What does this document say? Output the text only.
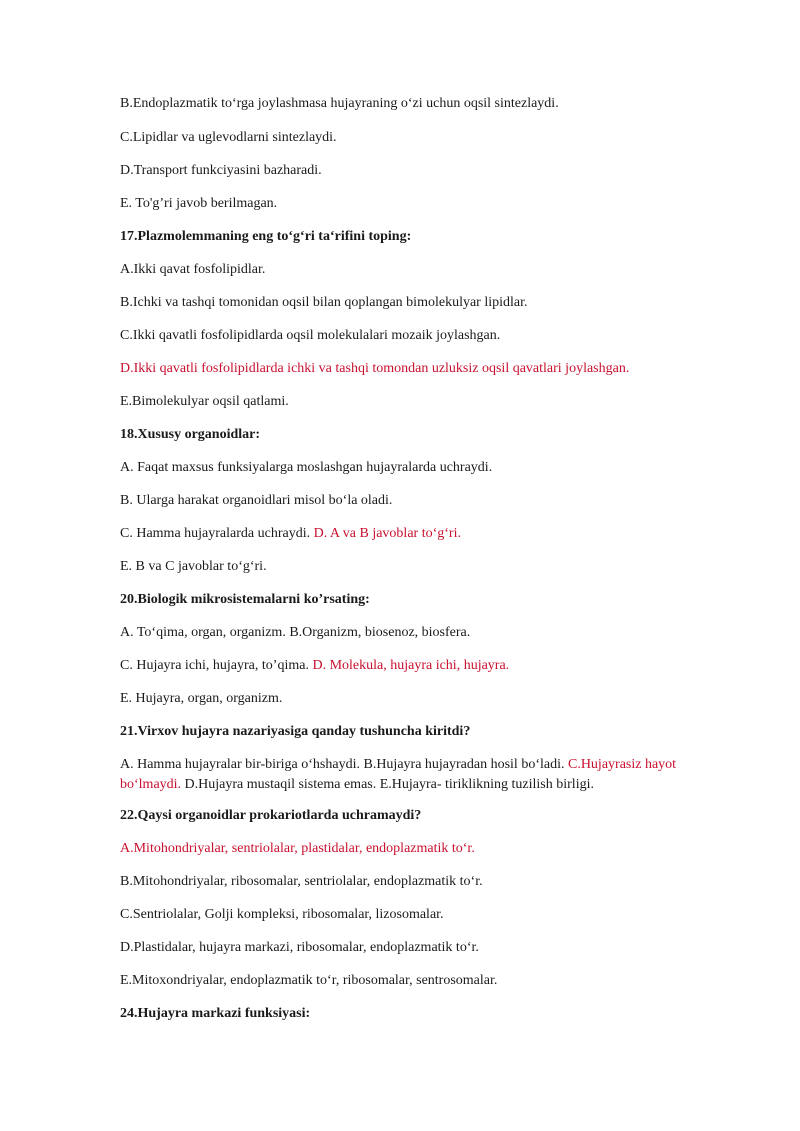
B.Endoplazmatik to‘rga joylashmasa hujayraning o‘zi uchun oqsil sintezlaydi.
C.Lipidlar va uglevodlarni sintezlaydi.
D.Transport funkciyasini bazharadi.
E. To'g’ri javob berilmagan.
17.Plazmolemmaning eng to‘g‘ri ta‘rifini toping:
A.Ikki qavat fosfolipidlar.
B.Ichki va tashqi tomonidan oqsil bilan qoplangan bimolekulyar lipidlar.
C.Ikki qavatli fosfolipidlarda oqsil molekulalari mozaik joylashgan.
D.Ikki qavatli fosfolipidlarda ichki va tashqi tomondan uzluksiz oqsil qavatlari joylashgan.
E.Bimolekulyar oqsil qatlami.
18.Xususy organoidlar:
A. Faqat maxsus funksiyalarga moslashgan hujayralarda uchraydi.
B. Ularga harakat organoidlari misol bo‘la oladi.
C. Hamma hujayralarda uchraydi. D. A va B javoblar to‘g‘ri.
E. B va C javoblar to‘g‘ri.
20.Biologik mikrosistemalarni ko’rsating:
A. To‘qima, organ, organizm. B.Organizm, biosenoz, biosfera.
C. Hujayra ichi, hujayra, to’qima. D. Molekula, hujayra ichi, hujayra.
E. Hujayra, organ, organizm.
21.Virxov hujayra nazariyasiga qanday tushuncha kiritdi?
A. Hamma hujayralar bir-biriga o‘hshaydi. B.Hujayra hujayradan hosil bo‘ladi. C.Hujayrasiz hayot bo‘lmaydi. D.Hujayra mustaqil sistema emas. E.Hujayra- tiriklikning tuzilish birligi.
22.Qaysi organoidlar prokariotlarda uchramaydi?
A.Mitohondriyalar, sentriolalar, plastidalar, endoplazmatik to‘r.
B.Mitohondriyalar, ribosomalar, sentriolalar, endoplazmatik to‘r.
C.Sentriolalar, Golji kompleksi, ribosomalar, lizosomalar.
D.Plastidalar, hujayra markazi, ribosomalar, endoplazmatik to‘r.
E.Mitoxondriyalar, endoplazmatik to‘r, ribosomalar, sentrosomalar.
24.Hujayra markazi funksiyasi:
